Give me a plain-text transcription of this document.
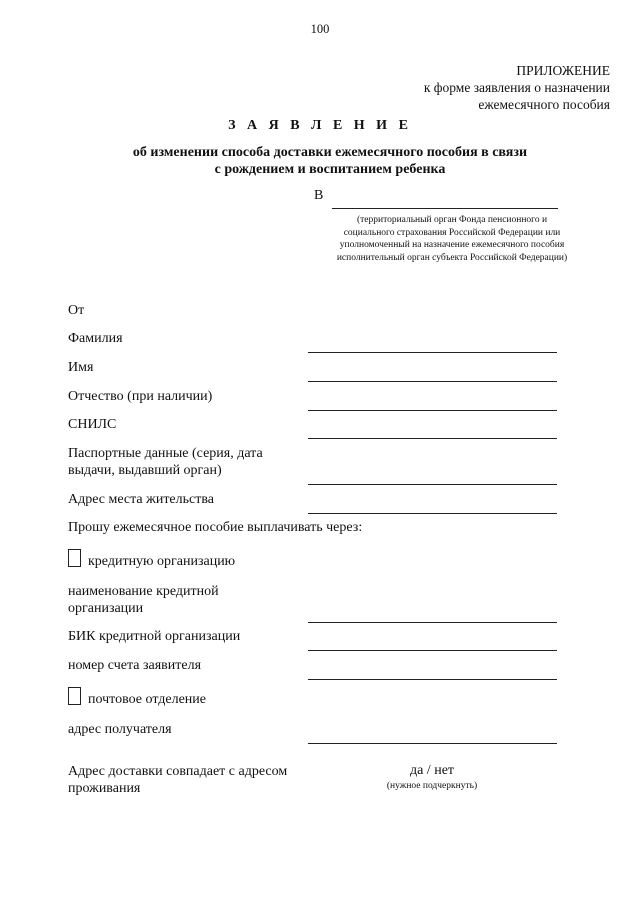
100
ПРИЛОЖЕНИЕ
к форме заявления о назначении
ежемесячного пособия
З А Я В Л Е Н И Е
об изменении способа доставки ежемесячного пособия в связи
с рождением и воспитанием ребенка
В
(территориальный орган Фонда пенсионного и социального страхования Российской Федерации или уполномоченный на назначение ежемесячного пособия исполнительный орган субъекта Российской Федерации)
От
Фамилия
Имя
Отчество (при наличии)
СНИЛС
Паспортные данные (серия, дата
выдачи, выдавший орган)
Адрес места жительства
Прошу ежемесячное пособие выплачивать через:
кредитную организацию
наименование кредитной
организации
БИК кредитной организации
номер счета заявителя
почтовое отделение
адрес получателя
Адрес доставки совпадает с адресом
проживания
да / нет
(нужное подчеркнуть)
